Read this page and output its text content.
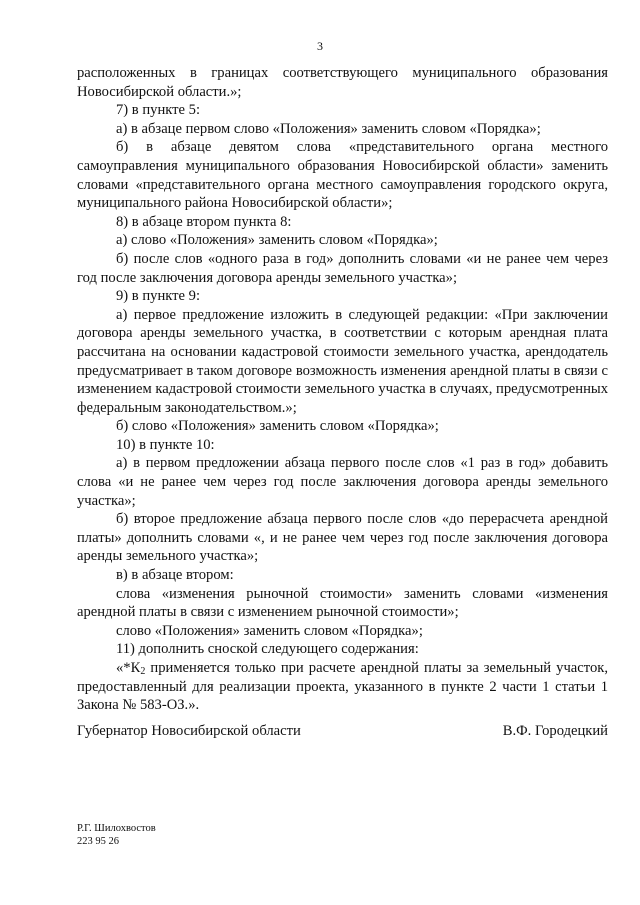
3

расположенных в границах соответствующего муниципального образования Новосибирской области.»;

7) в пункте 5:

а) в абзаце первом слово «Положения» заменить словом «Порядка»;

б) в абзаце девятом слова «представительного органа местного самоуправления муниципального образования Новосибирской области» заменить словами «представительного органа местного самоуправления городского округа, муниципального района Новосибирской области»;

8) в абзаце втором пункта 8:

а) слово «Положения» заменить словом «Порядка»;

б) после слов «одного раза в год» дополнить словами «и не ранее чем через год после заключения договора аренды земельного участка»;

9) в пункте 9:

а) первое предложение изложить в следующей редакции: «При заключении договора аренды земельного участка, в соответствии с которым арендная плата рассчитана на основании кадастровой стоимости земельного участка, арендодатель предусматривает в таком договоре возможность изменения арендной платы в связи с изменением кадастровой стоимости земельного участка в случаях, предусмотренных федеральным законодательством.»;

б) слово «Положения» заменить словом «Порядка»;

10) в пункте 10:

а) в первом предложении абзаца первого после слов «1 раз в год» добавить слова «и не ранее чем через год после заключения договора аренды земельного участка»;

б) второе предложение абзаца первого после слов «до перерасчета арендной платы» дополнить словами «, и не ранее чем через год после заключения договора аренды земельного участка»;

в) в абзаце втором:

слова «изменения рыночной стоимости» заменить словами «изменения арендной платы в связи с изменением рыночной стоимости»;

слово «Положения» заменить словом «Порядка»;

11) дополнить сноской следующего содержания:

«$*К_2$ применяется только при расчете арендной платы за земельный участок, предоставленный для реализации проекта, указанного в пункте 2 части 1 статьи 1 Закона № 583-ОЗ.».

Губернатор Новосибирской области	В.Ф. Городецкий
Р.Г. Шилохвостов
223 95 26
